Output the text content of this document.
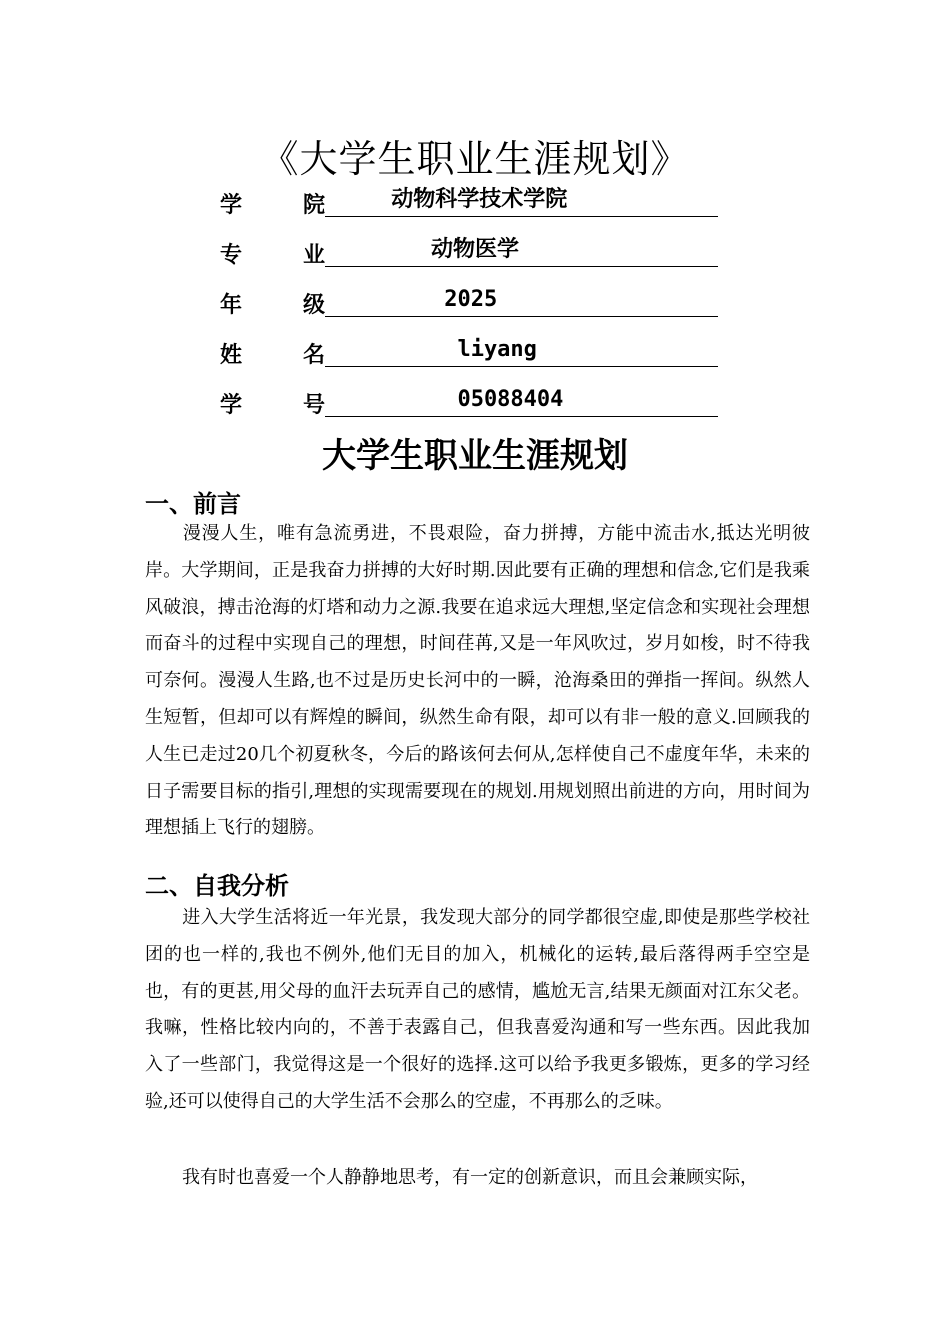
《大学生职业生涯规划》
学	院 动物科学技术学院
专	业 动物医学
年	级 2025
姓	名 liyang
学	号 05088404
大学生职业生涯规划
一、前言
漫漫人生，唯有急流勇进，不畏艰险，奋力拼搏，方能中流击水,抵达光明彼岸。大学期间，正是我奋力拼搏的大好时期.因此要有正确的理想和信念,它们是我乘风破浪，搏击沧海的灯塔和动力之源.我要在追求远大理想,坚定信念和实现社会理想而奋斗的过程中实现自己的理想，时间荏苒,又是一年风吹过，岁月如梭，时不待我可奈何。漫漫人生路,也不过是历史长河中的一瞬，沧海桑田的弹指一挥间。纵然人生短暂，但却可以有辉煌的瞬间，纵然生命有限，却可以有非一般的意义.回顾我的人生已走过20几个初夏秋冬，今后的路该何去何从,怎样使自己不虚度年华，未来的日子需要目标的指引,理想的实现需要现在的规划.用规划照出前进的方向，用时间为理想插上飞行的翅膀。
二、自我分析
进入大学生活将近一年光景，我发现大部分的同学都很空虚,即使是那些学校社团的也一样的,我也不例外,他们无目的加入，机械化的运转,最后落得两手空空是也，有的更甚,用父母的血汗去玩弄自己的感情，尴尬无言,结果无颜面对江东父老。我嘛，性格比较内向的，不善于表露自己，但我喜爱沟通和写一些东西。因此我加入了一些部门，我觉得这是一个很好的选择.这可以给予我更多锻炼，更多的学习经验,还可以使得自己的大学生活不会那么的空虚，不再那么的乏味。
我有时也喜爱一个人静静地思考，有一定的创新意识，而且会兼顾实际，
